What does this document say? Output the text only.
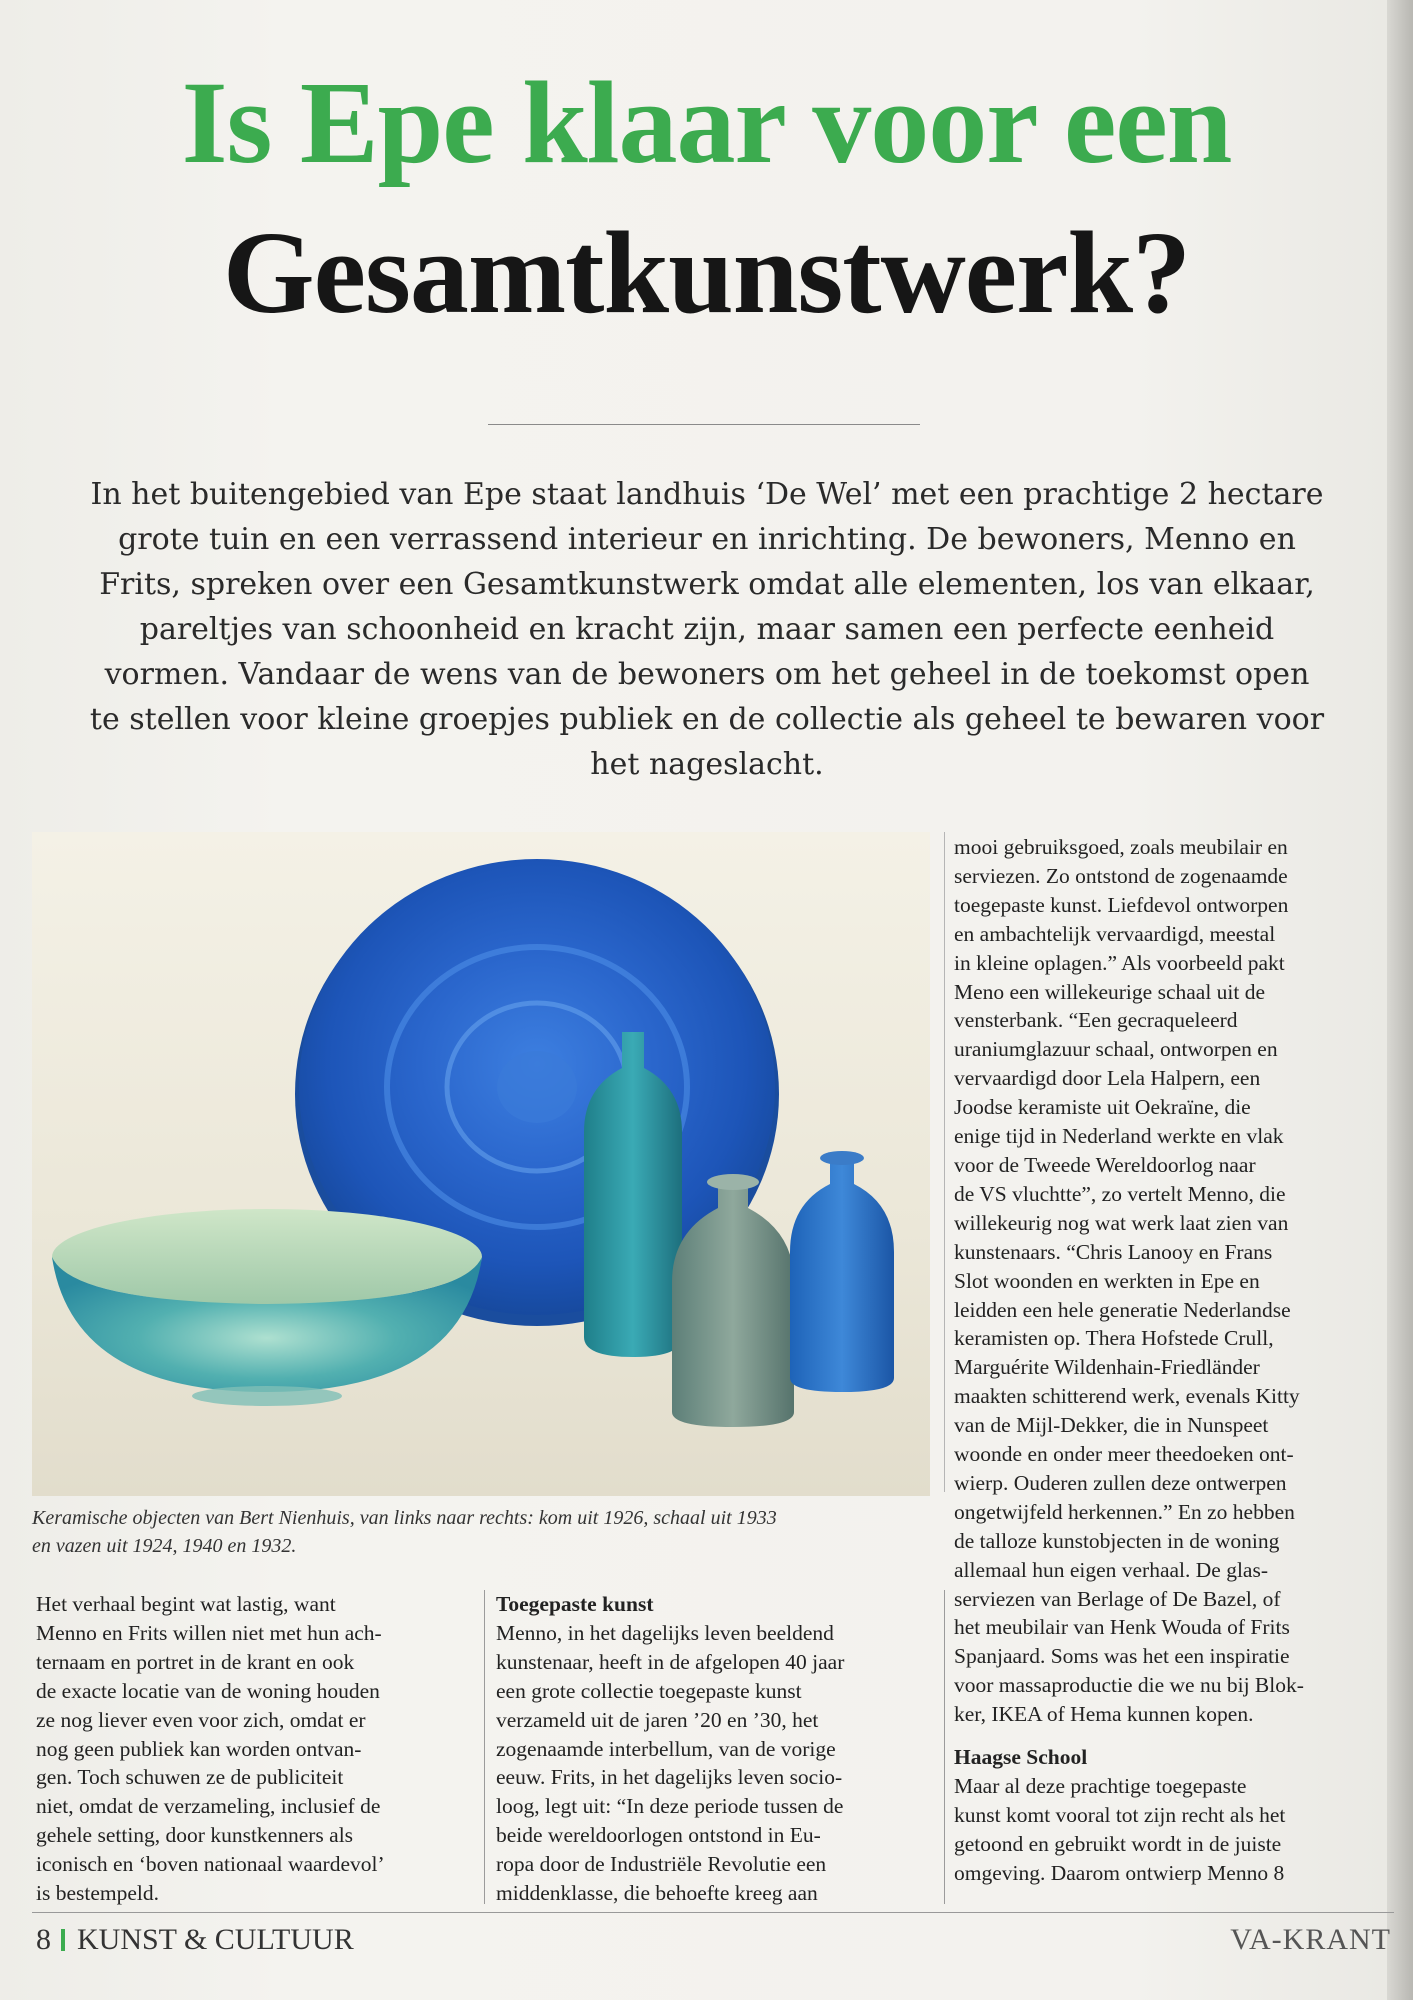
Is Epe klaar voor een
Gesamtkunstwerk?
In het buitengebied van Epe staat landhuis ‘De Wel’ met een prachtige 2 hectare
grote tuin en een verrassend interieur en inrichting. De bewoners, Menno en
Frits, spreken over een Gesamtkunstwerk omdat alle elementen, los van elkaar,
pareltjes van schoonheid en kracht zijn, maar samen een perfecte eenheid
vormen. Vandaar de wens van de bewoners om het geheel in de toekomst open
te stellen voor kleine groepjes publiek en de collectie als geheel te bewaren voor
het nageslacht.
Keramische objecten van Bert Nienhuis, van links naar rechts: kom uit 1926, schaal uit 1933
en vazen uit 1924, 1940 en 1932.
Het verhaal begint wat lastig, want
Menno en Frits willen niet met hun ach-
ternaam en portret in de krant en ook
de exacte locatie van de woning houden
ze nog liever even voor zich, omdat er
nog geen publiek kan worden ontvan-
gen. Toch schuwen ze de publiciteit
niet, omdat de verzameling, inclusief de
gehele setting, door kunstkenners als
iconisch en ‘boven nationaal waardevol’
is bestempeld.
Toegepaste kunst
Menno, in het dagelijks leven beeldend
kunstenaar, heeft in de afgelopen 40 jaar
een grote collectie toegepaste kunst
verzameld uit de jaren ’20 en ’30, het
zogenaamde interbellum, van de vorige
eeuw. Frits, in het dagelijks leven socio-
loog, legt uit: “In deze periode tussen de
beide wereldoorlogen ontstond in Eu-
ropa door de Industriële Revolutie een
middenklasse, die behoefte kreeg aan
mooi gebruiksgoed, zoals meubilair en
serviezen. Zo ontstond de zogenaamde
toegepaste kunst. Liefdevol ontworpen
en ambachtelijk vervaardigd, meestal
in kleine oplagen.” Als voorbeeld pakt
Meno een willekeurige schaal uit de
vensterbank. “Een gecraqueleerd
uraniumglazuur schaal, ontworpen en
vervaardigd door Lela Halpern, een
Joodse keramiste uit Oekraïne, die
enige tijd in Nederland werkte en vlak
voor de Tweede Wereldoorlog naar
de VS vluchtte”, zo vertelt Menno, die
willekeurig nog wat werk laat zien van
kunstenaars. “Chris Lanooy en Frans
Slot woonden en werkten in Epe en
leidden een hele generatie Nederlandse
keramisten op. Thera Hofstede Crull,
Marguérite Wildenhain-Friedländer
maakten schitterend werk, evenals Kitty
van de Mijl-Dekker, die in Nunspeet
woonde en onder meer theedoeken ont-
wierp. Ouderen zullen deze ontwerpen
ongetwijfeld herkennen.” En zo hebben
de talloze kunstobjecten in de woning
allemaal hun eigen verhaal. De glas-
serviezen van Berlage of De Bazel, of
het meubilair van Henk Wouda of Frits
Spanjaard. Soms was het een inspiratie
voor massaproductie die we nu bij Blok-
ker, IKEA of Hema kunnen kopen.
Haagse School
Maar al deze prachtige toegepaste
kunst komt vooral tot zijn recht als het
getoond en gebruikt wordt in de juiste
omgeving. Daarom ontwierp Menno 8
8 KUNST & CULTUUR	VA-KRANT
